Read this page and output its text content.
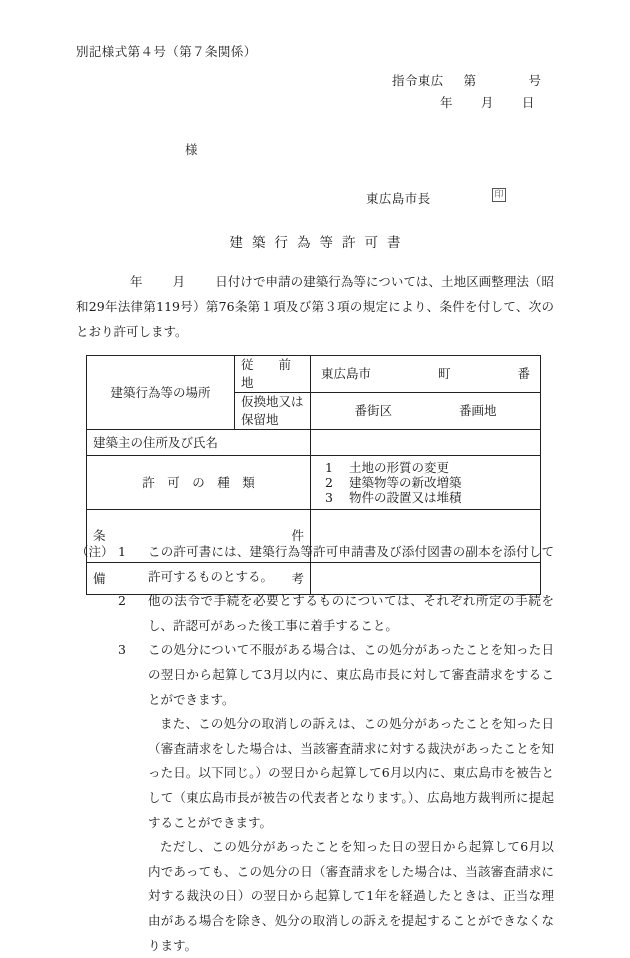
別記様式第４号（第７条関係）
指令東広 第	号
年 月 日
様
東広島市長	印
建築行為等許可書
年 月 日付けで申請の建築行為等については、土地区画整理法（昭和29年法律第119号）第76条第１項及び第３項の規定により、条件を付して、次のとおり許可します。
建築行為等の場所	従　　前　　地	東広島市 町 番

	仮換地又は保留地	番街区 番画地

建築主の住所及び氏名		
許　可　の　種　類	
1	土地の形質の変更
2	建築物等の新改増築
3	物件の設置又は堆積

条 件		

備 考		

（注） 1	この許可書には、建築行為等許可申請書及び添付図書の副本を添付して許可するものとする。

2	他の法令で手続を必要とするものについては、それぞれ所定の手続をし、許認可があった後工事に着手すること。

3	この処分について不服がある場合は、この処分があったことを知った日の翌日から起算して3月以内に、東広島市長に対して審査請求をすることができます。

また、この処分の取消しの訴えは、この処分があったことを知った日（審査請求をした場合は、当該審査請求に対する裁決があったことを知った日。以下同じ。）の翌日から起算して6月以内に、東広島市を被告として（東広島市長が被告の代表者となります。）、広島地方裁判所に提起することができます。

ただし、この処分があったことを知った日の翌日から起算して6月以内であっても、この処分の日（審査請求をした場合は、当該審査請求に対する裁決の日）の翌日から起算して1年を経過したときは、正当な理由がある場合を除き、処分の取消しの訴えを提起することができなくなります。
